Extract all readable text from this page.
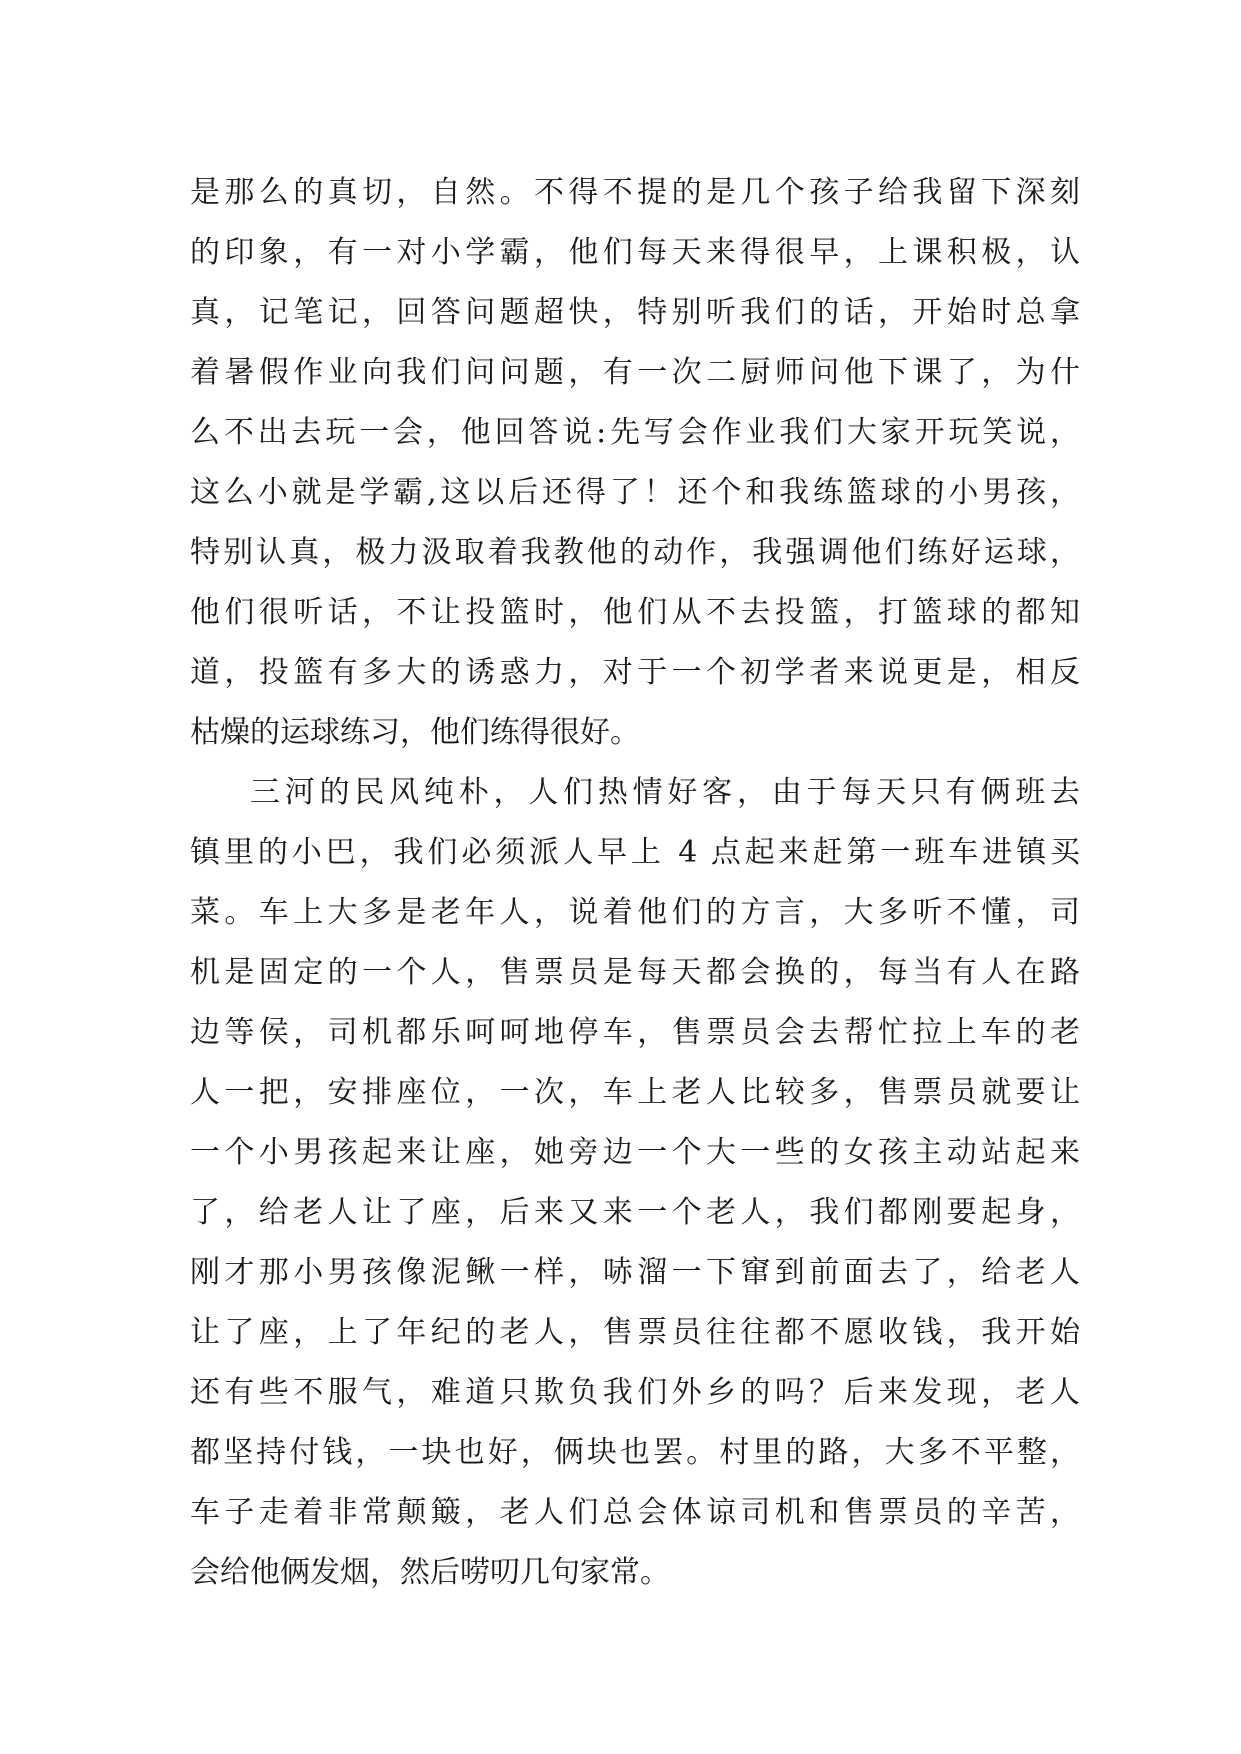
是那么的真切，自然。不得不提的是几个孩子给我留下深刻
的印象，有一对小学霸，他们每天来得很早，上课积极，认
真，记笔记，回答问题超快，特别听我们的话，开始时总拿
着暑假作业向我们问问题，有一次二厨师问他下课了，为什
么不出去玩一会，他回答说:先写会作业我们大家开玩笑说，
这么小就是学霸,这以后还得了！还个和我练篮球的小男孩，
特别认真，极力汲取着我教他的动作，我强调他们练好运球，
他们很听话，不让投篮时，他们从不去投篮，打篮球的都知
道，投篮有多大的诱惑力，对于一个初学者来说更是，相反
枯燥的运球练习，他们练得很好。
三河的民风纯朴，人们热情好客，由于每天只有俩班去
镇里的小巴，我们必须派人早上 4 点起来赶第一班车进镇买
菜。车上大多是老年人，说着他们的方言，大多听不懂，司
机是固定的一个人，售票员是每天都会换的，每当有人在路
边等侯，司机都乐呵呵地停车，售票员会去帮忙拉上车的老
人一把，安排座位，一次，车上老人比较多，售票员就要让
一个小男孩起来让座，她旁边一个大一些的女孩主动站起来
了，给老人让了座，后来又来一个老人，我们都刚要起身，
刚才那小男孩像泥鳅一样，哧溜一下窜到前面去了，给老人
让了座，上了年纪的老人，售票员往往都不愿收钱，我开始
还有些不服气，难道只欺负我们外乡的吗？后来发现，老人
都坚持付钱，一块也好，俩块也罢。村里的路，大多不平整，
车子走着非常颠簸，老人们总会体谅司机和售票员的辛苦，
会给他俩发烟，然后唠叨几句家常。
